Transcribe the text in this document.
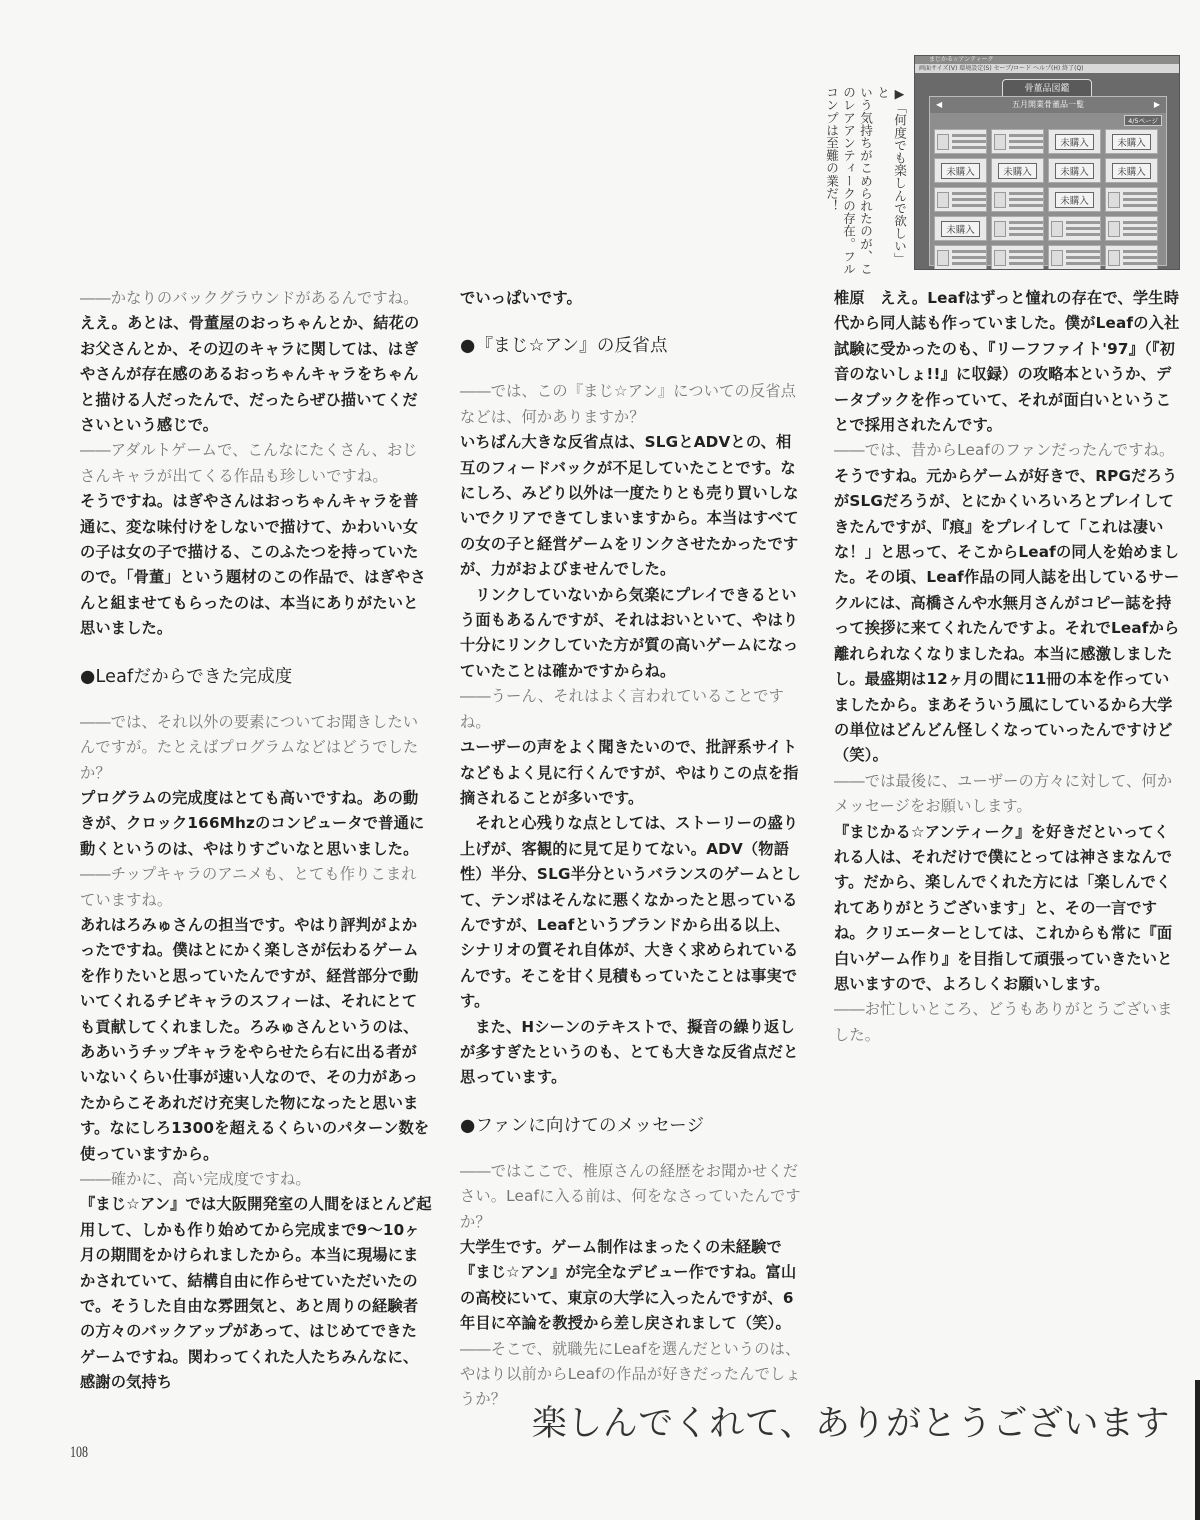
▶「何度でも楽しんで欲しい」と
いう気持ちがこめられたのが、こ
のレアアンティークの存在。フル
コンプは至難の業だ！
まじかる☆アンティーク
画面サイズ(V) 環境設定(S) セーブ/ロード ヘルプ(H) 終了(Q)
骨董品図鑑
◀	五月開業骨董品一覧	▶
4/5ページ
未購入	未購入
未購入	未購入	未購入	未購入
未購入
未購入

――かなりのバックグラウンドがあるんですね。

ええ。あとは、骨董屋のおっちゃんとか、結花のお父さんとか、その辺のキャラに関しては、はぎやさんが存在感のあるおっちゃんキャラをちゃんと描ける人だったんで、だったらぜひ描いてくださいという感じで。

――アダルトゲームで、こんなにたくさん、おじさんキャラが出てくる作品も珍しいですね。

そうですね。はぎやさんはおっちゃんキャラを普通に、変な味付けをしないで描けて、かわいい女の子は女の子で描ける、このふたつを持っていたので。「骨董」という題材のこの作品で、はぎやさんと組ませてもらったのは、本当にありがたいと思いました。

●Leafだからできた完成度

――では、それ以外の要素についてお聞きしたいんですが。たとえばプログラムなどはどうでしたか？

プログラムの完成度はとても高いですね。あの動きが、クロック166Mhzのコンピュータで普通に動くというのは、やはりすごいなと思いました。

――チップキャラのアニメも、とても作りこまれていますね。

あれはろみゅさんの担当です。やはり評判がよかったですね。僕はとにかく楽しさが伝わるゲームを作りたいと思っていたんですが、経営部分で動いてくれるチビキャラのスフィーは、それにとても貢献してくれました。ろみゅさんというのは、ああいうチップキャラをやらせたら右に出る者がいないくらい仕事が速い人なので、その力があったからこそあれだけ充実した物になったと思います。なにしろ1300を超えるくらいのパターン数を使っていますから。

――確かに、高い完成度ですね。

『まじ☆アン』では大阪開発室の人間をほとんど起用して、しかも作り始めてから完成まで9～10ヶ月の期間をかけられましたから。本当に現場にまかされていて、結構自由に作らせていただいたので。そうした自由な雰囲気と、あと周りの経験者の方々のバックアップがあって、はじめてできたゲームですね。関わってくれた人たちみんなに、感謝の気持ち

でいっぱいです。

●『まじ☆アン』の反省点

――では、この『まじ☆アン』についての反省点などは、何かありますか？

いちばん大きな反省点は、SLGとADVとの、相互のフィードバックが不足していたことです。なにしろ、みどり以外は一度たりとも売り買いしないでクリアできてしまいますから。本当はすべての女の子と経営ゲームをリンクさせたかったですが、力がおよびませんでした。

リンクしていないから気楽にプレイできるという面もあるんですが、それはおいといて、やはり十分にリンクしていた方が質の高いゲームになっていたことは確かですからね。

――うーん、それはよく言われていることですね。

ユーザーの声をよく聞きたいので、批評系サイトなどもよく見に行くんですが、やはりこの点を指摘されることが多いです。

それと心残りな点としては、ストーリーの盛り上げが、客観的に見て足りてない。ADV（物語性）半分、SLG半分というバランスのゲームとして、テンポはそんなに悪くなかったと思っているんですが、Leafというブランドから出る以上、シナリオの質それ自体が、大きく求められているんです。そこを甘く見積もっていたことは事実です。

また、Hシーンのテキストで、擬音の繰り返しが多すぎたというのも、とても大きな反省点だと思っています。

●ファンに向けてのメッセージ

――ではここで、椎原さんの経歴をお聞かせください。Leafに入る前は、何をなさっていたんですか？

大学生です。ゲーム制作はまったくの未経験で『まじ☆アン』が完全なデビュー作ですね。富山の高校にいて、東京の大学に入ったんですが、6年目に卒論を教授から差し戻されまして（笑）。

――そこで、就職先にLeafを選んだというのは、やはり以前からLeafの作品が好きだったんでしょうか？

椎原　ええ。Leafはずっと憧れの存在で、学生時代から同人誌も作っていました。僕がLeafの入社試験に受かったのも、『リーフファイト'97』（『初音のないしょ!!』に収録）の攻略本というか、データブックを作っていて、それが面白いということで採用されたんです。

――では、昔からLeafのファンだったんですね。

そうですね。元からゲームが好きで、RPGだろうがSLGだろうが、とにかくいろいろとプレイしてきたんですが、『痕』をプレイして「これは凄いな！」と思って、そこからLeafの同人を始めました。その頃、Leaf作品の同人誌を出しているサークルには、高橋さんや水無月さんがコピー誌を持って挨拶に来てくれたんですよ。それでLeafから離れられなくなりましたね。本当に感激しましたし。最盛期は12ヶ月の間に11冊の本を作っていましたから。まあそういう風にしているから大学の単位はどんどん怪しくなっていったんですけど（笑）。

――では最後に、ユーザーの方々に対して、何かメッセージをお願いします。

『まじかる☆アンティーク』を好きだといってくれる人は、それだけで僕にとっては神さまなんです。だから、楽しんでくれた方には「楽しんでくれてありがとうございます」と、その一言ですね。クリエーターとしては、これからも常に『面白いゲーム作り』を目指して頑張っていきたいと思いますので、よろしくお願いします。

――お忙しいところ、どうもありがとうございました。

楽しんでくれて、ありがとうございます
108
